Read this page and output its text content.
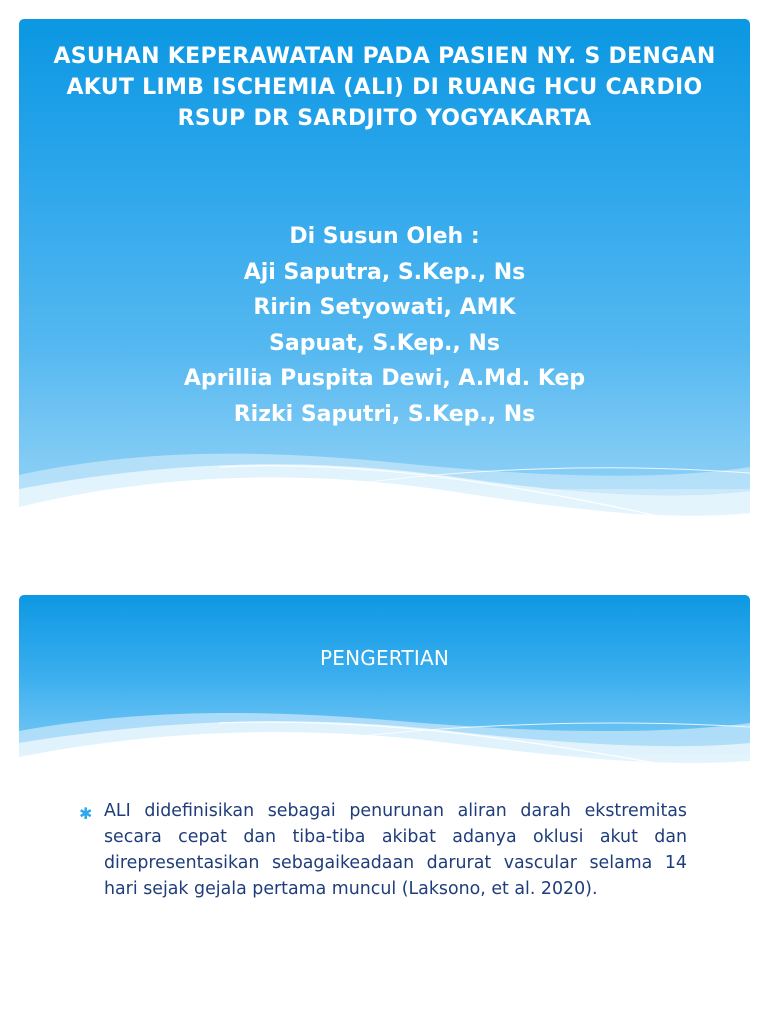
ASUHAN KEPERAWATAN PADA PASIEN NY. S DENGAN AKUT LIMB ISCHEMIA (ALI) DI RUANG HCU CARDIO RSUP DR SARDJITO YOGYAKARTA
Di Susun Oleh :
Aji Saputra, S.Kep., Ns
Ririn Setyowati, AMK
Sapuat, S.Kep., Ns
Aprillia Puspita Dewi, A.Md. Kep
Rizki Saputri, S.Kep., Ns
PENGERTIAN
✱ ALI didefinisikan sebagai penurunan aliran darah ekstremitas secara cepat dan tiba-tiba akibat adanya oklusi akut dan direpresentasikan sebagaikeadaan darurat vascular selama 14 hari sejak gejala pertama muncul (Laksono, et al. 2020).
